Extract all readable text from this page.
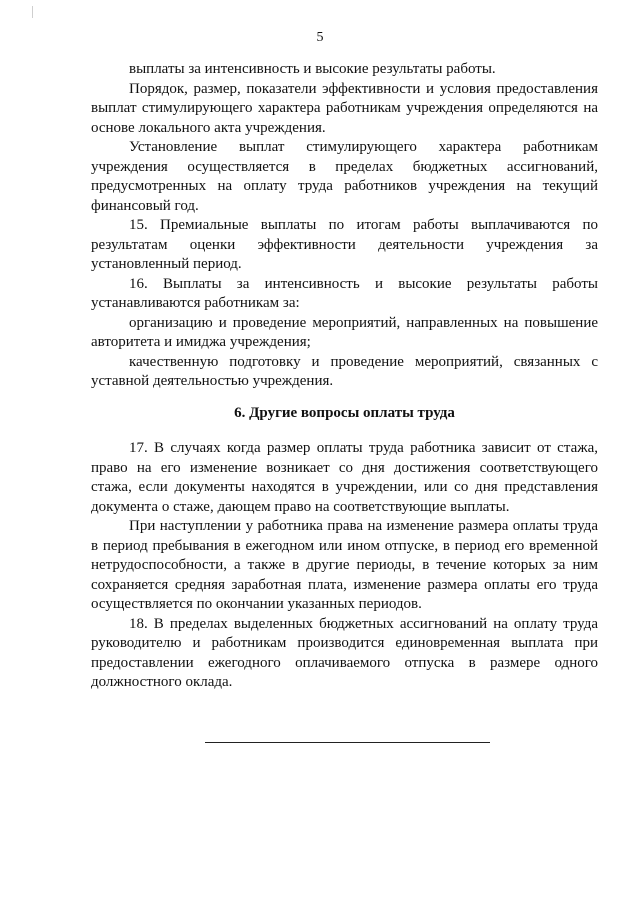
5

выплаты за интенсивность и высокие результаты работы.

Порядок, размер, показатели эффективности и условия предоставления выплат стимулирующего характера работникам учреждения определяются на основе локального акта учреждения.

Установление выплат стимулирующего характера работникам учреждения осуществляется в пределах бюджетных ассигнований, предусмотренных на оплату труда работников учреждения на текущий финансовый год.

15. Премиальные выплаты по итогам работы выплачиваются по результатам оценки эффективности деятельности учреждения за установленный период.

16. Выплаты за интенсивность и высокие результаты работы устанавливаются работникам за:

организацию и проведение мероприятий, направленных на повышение авторитета и имиджа учреждения;

качественную подготовку и проведение мероприятий, связанных с уставной деятельностью учреждения.

6. Другие вопросы оплаты труда

17. В случаях когда размер оплаты труда работника зависит от стажа, право на его изменение возникает со дня достижения соответствующего стажа, если документы находятся в учреждении, или со дня представления документа о стаже, дающем право на соответствующие выплаты.

При наступлении у работника права на изменение размера оплаты труда в период пребывания в ежегодном или ином отпуске, в период его временной нетрудоспособности, а также в другие периоды, в течение которых за ним сохраняется средняя заработная плата, изменение размера оплаты его труда осуществляется по окончании указанных периодов.

18. В пределах выделенных бюджетных ассигнований на оплату труда руководителю и работникам производится единовременная выплата при предоставлении ежегодного оплачиваемого отпуска в размере одного должностного оклада.
